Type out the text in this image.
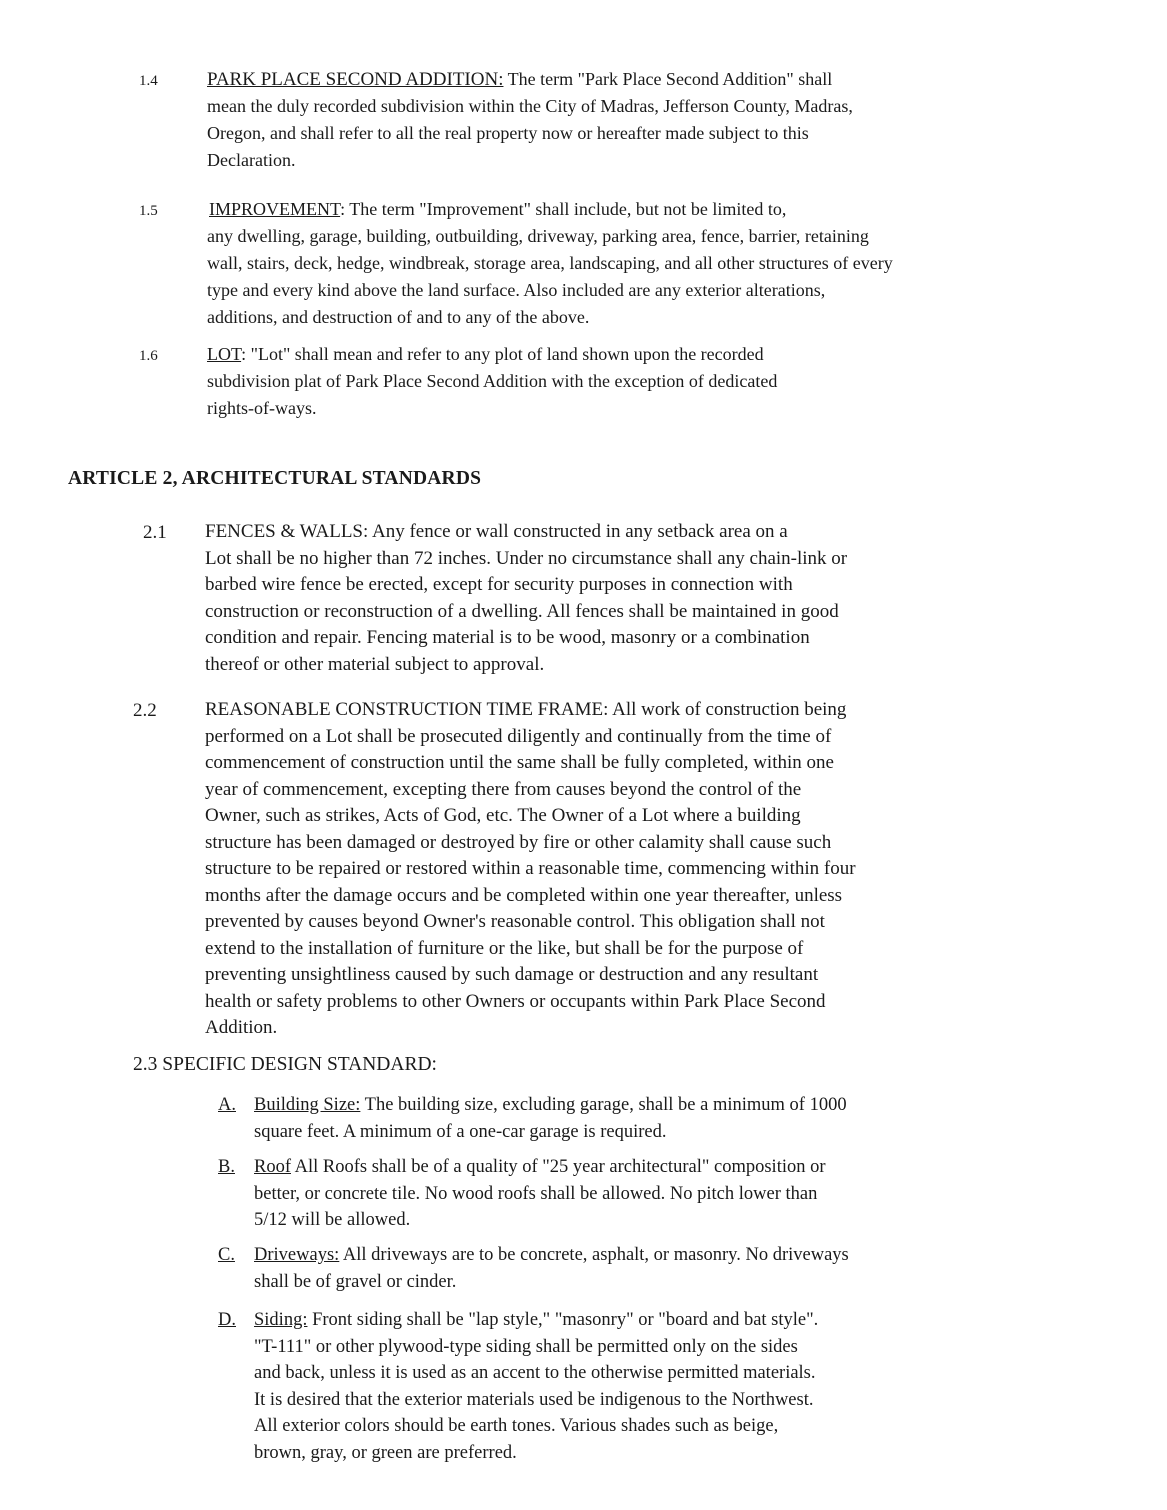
1.4	PARK PLACE SECOND ADDITION: The term "Park Place Second Addition" shall
mean the duly recorded subdivision within the City of Madras, Jefferson County, Madras,
Oregon, and shall refer to all the real property now or hereafter made subject to this
Declaration.
1.5	IMPROVEMENT: The term "Improvement" shall include, but not be limited to,
any dwelling, garage, building, outbuilding, driveway, parking area, fence, barrier, retaining
wall, stairs, deck, hedge, windbreak, storage area, landscaping, and all other structures of every
type and every kind above the land surface. Also included are any exterior alterations,
additions, and destruction of and to any of the above.
1.6	LOT: "Lot" shall mean and refer to any plot of land shown upon the recorded
subdivision plat of Park Place Second Addition with the exception of dedicated
rights-of-ways.
ARTICLE 2, ARCHITECTURAL STANDARDS
2.1 FENCES & WALLS: Any fence or wall constructed in any setback area on a
Lot shall be no higher than 72 inches. Under no circumstance shall any chain-link or
barbed wire fence be erected, except for security purposes in connection with
construction or reconstruction of a dwelling. All fences shall be maintained in good
condition and repair. Fencing material is to be wood, masonry or a combination
thereof or other material subject to approval.
2.2	REASONABLE CONSTRUCTION TIME FRAME: All work of construction being
performed on a Lot shall be prosecuted diligently and continually from the time of
commencement of construction until the same shall be fully completed, within one
year of commencement, excepting there from causes beyond the control of the
Owner, such as strikes, Acts of God, etc. The Owner of a Lot where a building
structure has been damaged or destroyed by fire or other calamity shall cause such
structure to be repaired or restored within a reasonable time, commencing within four
months after the damage occurs and be completed within one year thereafter, unless
prevented by causes beyond Owner's reasonable control. This obligation shall not
extend to the installation of furniture or the like, but shall be for the purpose of
preventing unsightliness caused by such damage or destruction and any resultant
health or safety problems to other Owners or occupants within Park Place Second
Addition.
2.3 SPECIFIC DESIGN STANDARD:
A. Building Size: The building size, excluding garage, shall be a minimum of 1000
square feet. A minimum of a one-car garage is required.
B. Roof All Roofs shall be of a quality of "25 year architectural" composition or
better, or concrete tile. No wood roofs shall be allowed. No pitch lower than
5/12 will be allowed.
C. Driveways: All driveways are to be concrete, asphalt, or masonry. No driveways
shall be of gravel or cinder.
D. Siding: Front siding shall be "lap style," "masonry" or "board and bat style".
"T-111" or other plywood-type siding shall be permitted only on the sides
and back, unless it is used as an accent to the otherwise permitted materials.
It is desired that the exterior materials used be indigenous to the Northwest.
All exterior colors should be earth tones. Various shades such as beige,
brown, gray, or green are preferred.
